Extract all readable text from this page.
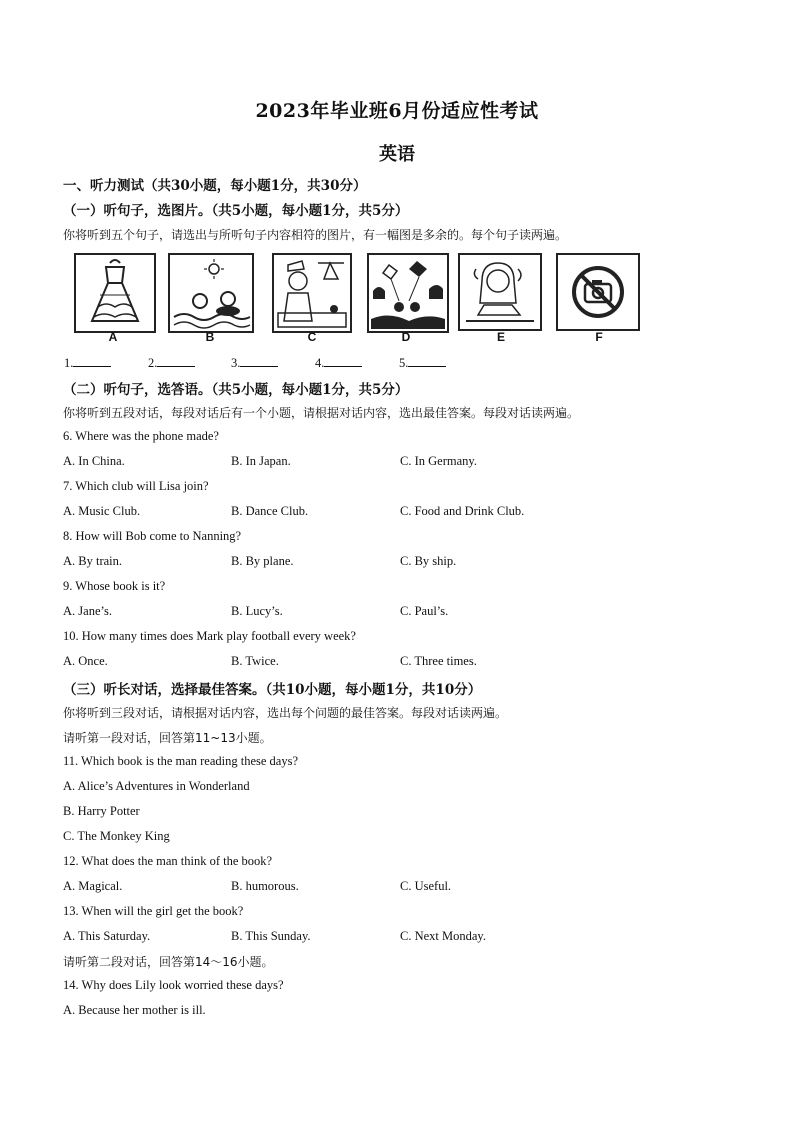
2023年毕业班6月份适应性考试
英语
一、听力测试（共30小题，每小题1分，共30分）
（一）听句子，选图片。（共5小题，每小题1分，共5分）
你将听到五个句子，请选出与所听句子内容相符的图片，有一幅图是多余的。每个句子读两遍。
A	B	C	D	E	F
1.	2.	3.	4.	5.
（二）听句子，选答语。（共5小题，每小题1分，共5分）
你将听到五段对话，每段对话后有一个小题，请根据对话内容，选出最佳答案。每段对话读两遍。
6. Where was the phone made?
A. In China.	B. In Japan.	C. In Germany.
7. Which club will Lisa join?
A. Music Club.	B. Dance Club.	C. Food and Drink Club.
8. How will Bob come to Nanning?
A. By train.	B. By plane.	C. By ship.
9. Whose book is it?
A. Jane’s.	B. Lucy’s.	C. Paul’s.
10. How many times does Mark play football every week?
A. Once.	B. Twice.	C. Three times.
（三）听长对话，选择最佳答案。（共10小题，每小题1分，共10分）
你将听到三段对话，请根据对话内容，选出每个问题的最佳答案。每段对话读两遍。
请听第一段对话，回答第11~13小题。
11. Which book is the man reading these days?
A. Alice’s Adventures in Wonderland
B. Harry Potter
C. The Monkey King
12. What does the man think of the book?
A. Magical.	B. humorous.	C. Useful.
13. When will the girl get the book?
A. This Saturday.	B. This Sunday.	C. Next Monday.
请听第二段对话，回答第14～16小题。
14. Why does Lily look worried these days?
A. Because her mother is ill.
